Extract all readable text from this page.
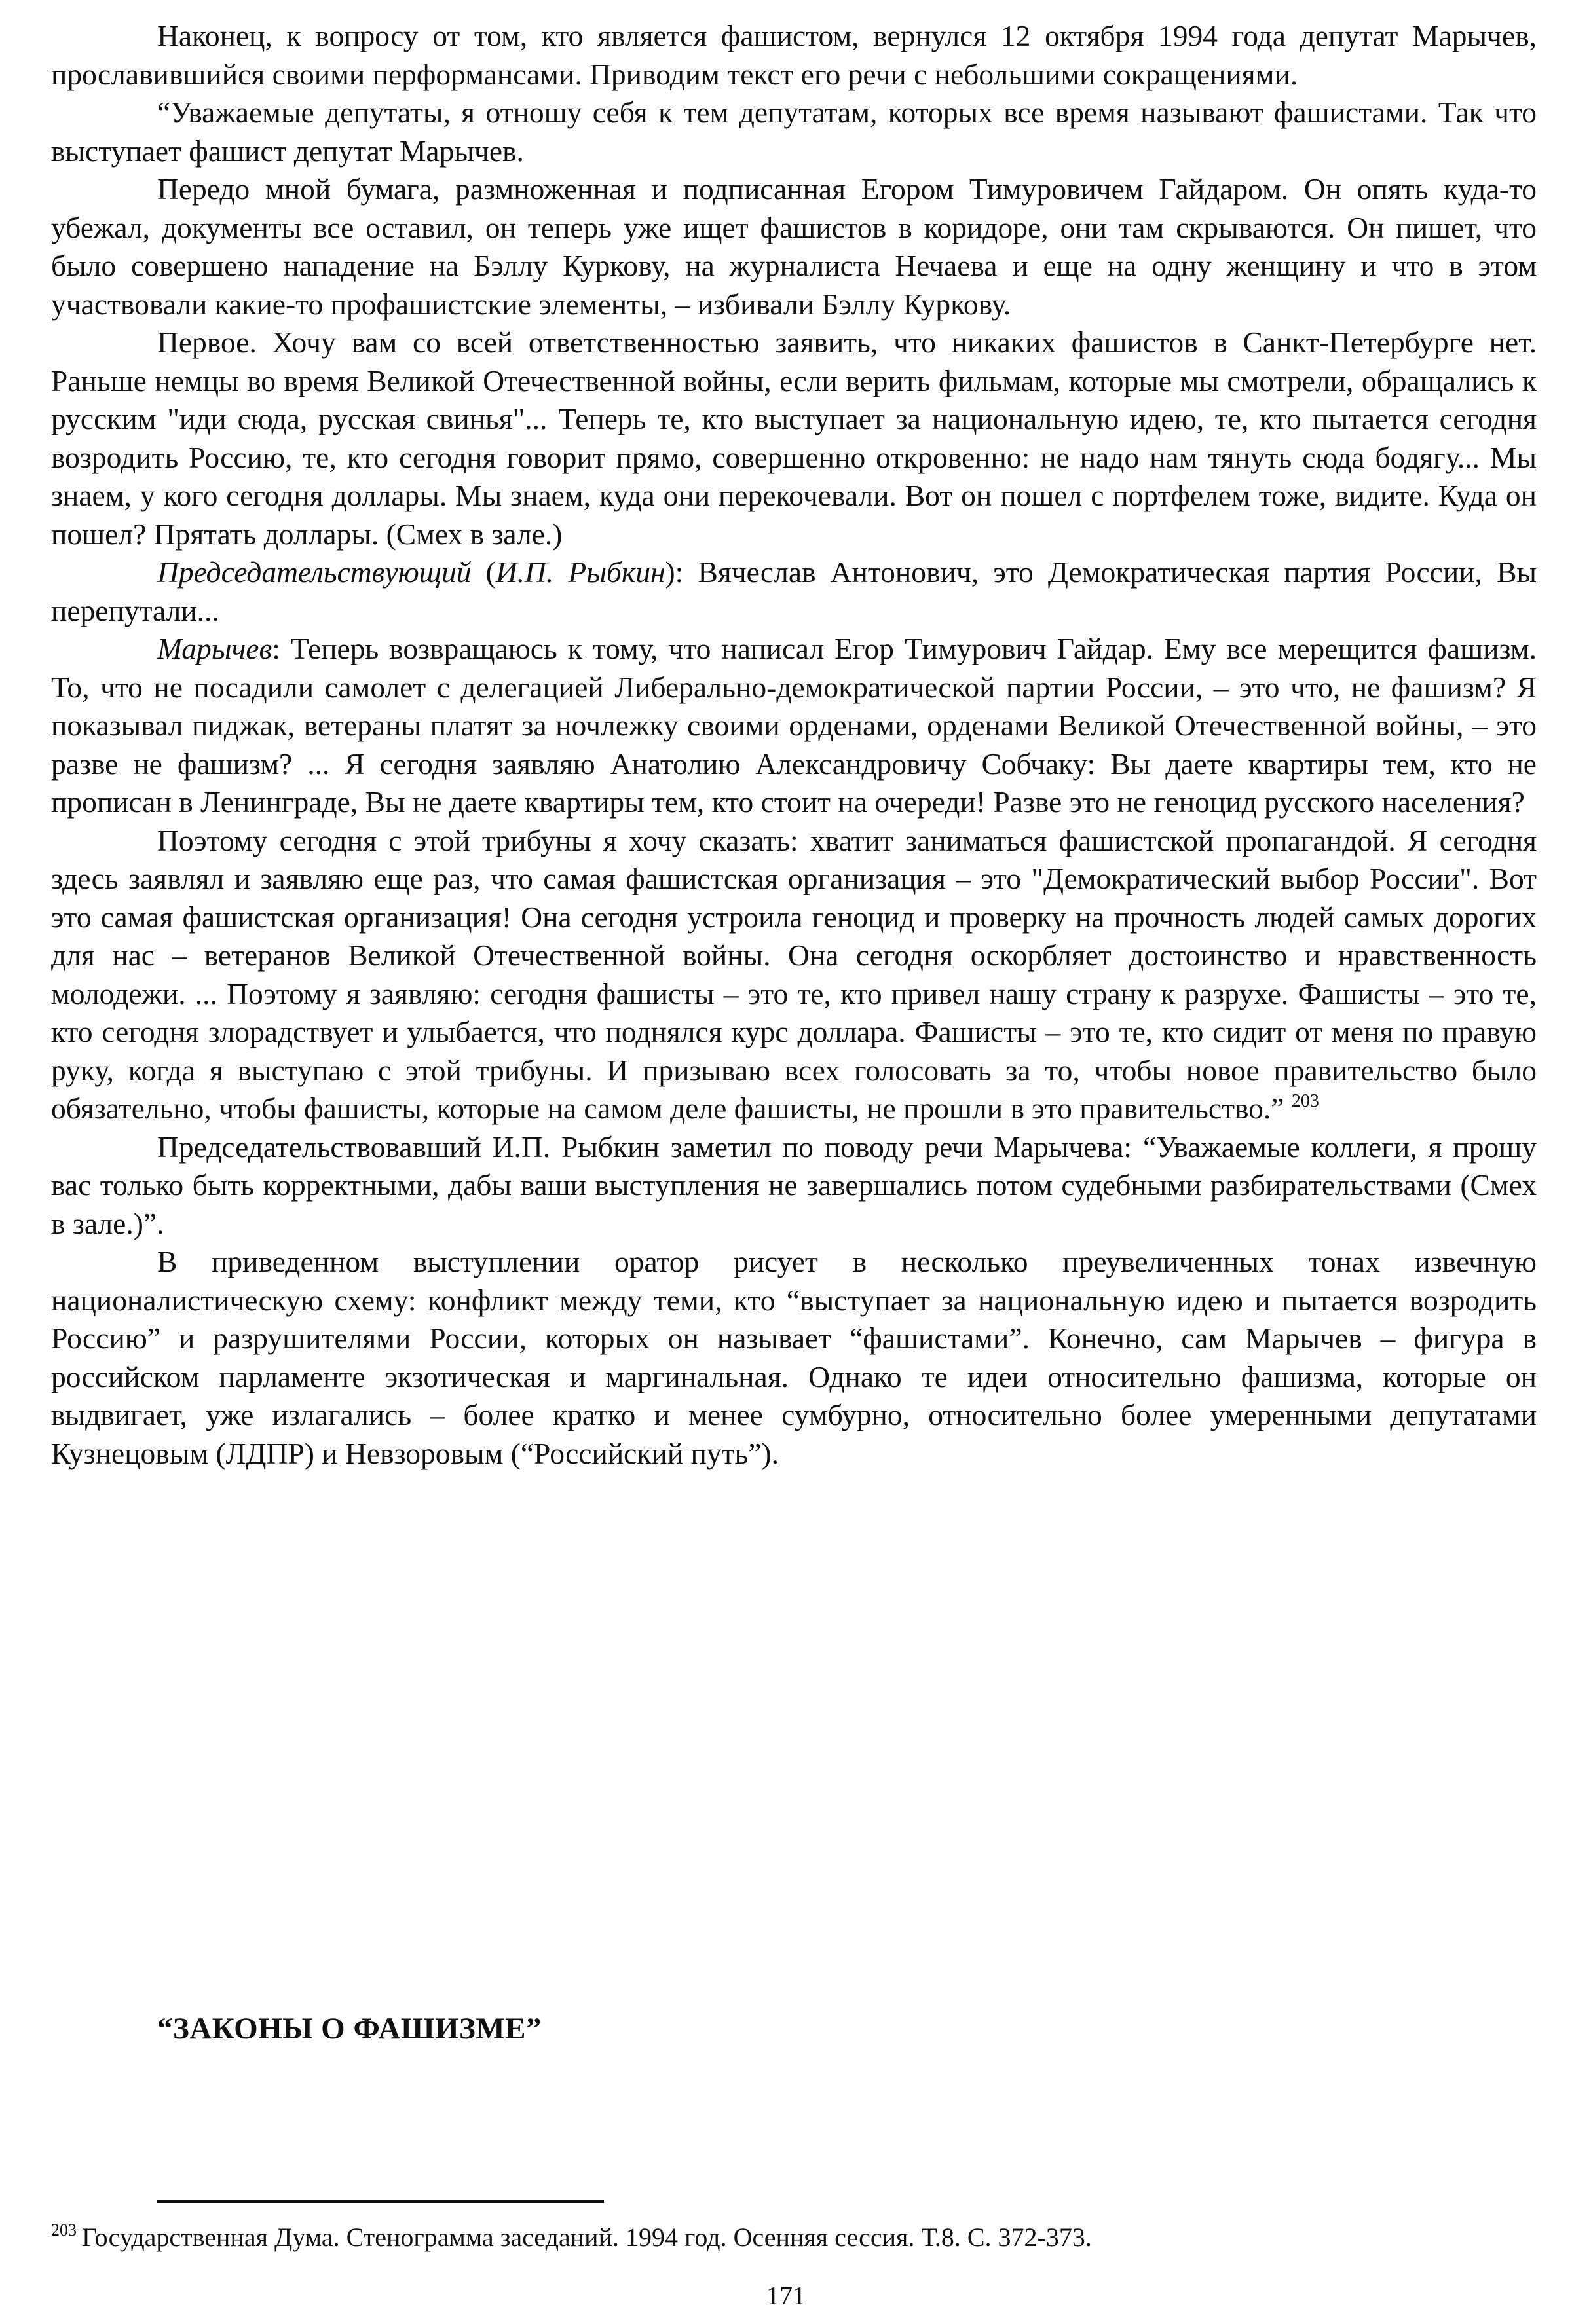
Наконец, к вопросу от том, кто является фашистом, вернулся 12 октября 1994 года депутат Марычев, прославившийся своими перформансами. Приводим текст его речи с небольшими сокращениями.

“Уважаемые депутаты, я отношу себя к тем депутатам, которых все время называют фашистами. Так что выступает фашист депутат Марычев.

Передо мной бумага, размноженная и подписанная Егором Тимуровичем Гайдаром. Он опять куда-то убежал, документы все оставил, он теперь уже ищет фашистов в коридоре, они там скрываются. Он пишет, что было совершено нападение на Бэллу Куркову, на журналиста Нечаева и еще на одну женщину и что в этом участвовали какие-то профашистские элементы, – избивали Бэллу Куркову.

Первое. Хочу вам со всей ответственностью заявить, что никаких фашистов в Санкт-Петербурге нет. Раньше немцы во время Великой Отечественной войны, если верить фильмам, которые мы смотрели, обращались к русским "иди сюда, русская свинья"... Теперь те, кто выступает за национальную идею, те, кто пытается сегодня возродить Россию, те, кто сегодня говорит прямо, совершенно откровенно: не надо нам тянуть сюда бодягу... Мы знаем, у кого сегодня доллары. Мы знаем, куда они перекочевали. Вот он пошел с портфелем тоже, видите. Куда он пошел? Прятать доллары. (Смех в зале.)

Председательствующий (И.П. Рыбкин): Вячеслав Антонович, это Демократическая партия России, Вы перепутали...

Марычев: Теперь возвращаюсь к тому, что написал Егор Тимурович Гайдар. Ему все мерещится фашизм. То, что не посадили самолет с делегацией Либерально-демократической партии России, – это что, не фашизм? Я показывал пиджак, ветераны платят за ночлежку своими орденами, орденами Великой Отечественной войны, – это разве не фашизм? ... Я сегодня заявляю Анатолию Александровичу Собчаку: Вы даете квартиры тем, кто не прописан в Ленинграде, Вы не даете квартиры тем, кто стоит на очереди! Разве это не геноцид русского населения?

Поэтому сегодня с этой трибуны я хочу сказать: хватит заниматься фашистской пропагандой. Я сегодня здесь заявлял и заявляю еще раз, что самая фашистская организация – это "Демократический выбор России". Вот это самая фашистская организация! Она сегодня устроила геноцид и проверку на прочность людей самых дорогих для нас – ветеранов Великой Отечественной войны. Она сегодня оскорбляет достоинство и нравственность молодежи. ... Поэтому я заявляю: сегодня фашисты – это те, кто привел нашу страну к разрухе. Фашисты – это те, кто сегодня злорадствует и улыбается, что поднялся курс доллара. Фашисты – это те, кто сидит от меня по правую руку, когда я выступаю с этой трибуны. И призываю всех голосовать за то, чтобы новое правительство было обязательно, чтобы фашисты, которые на самом деле фашисты, не прошли в это правительство.” $^{203}$

Председательствовавший И.П. Рыбкин заметил по поводу речи Марычева: “Уважаемые коллеги, я прошу вас только быть корректными, дабы ваши выступления не завершались потом судебными разбирательствами (Смех в зале.)”.

В приведенном выступлении оратор рисует в несколько преувеличенных тонах извечную националистическую схему: конфликт между теми, кто “выступает за национальную идею и пытается возродить Россию” и разрушителями России, которых он называет “фашистами”. Конечно, сам Марычев – фигура в российском парламенте экзотическая и маргинальная. Однако те идеи относительно фашизма, которые он выдвигает, уже излагались – более кратко и менее сумбурно, относительно более умеренными депутатами Кузнецовым (ЛДПР) и Невзоровым (“Российский путь”).

“ЗАКОНЫ О ФАШИЗМЕ”

$^{203}$ Государственная Дума. Стенограмма заседаний. 1994 год. Осенняя сессия. Т.8. С. 372-373.

171
